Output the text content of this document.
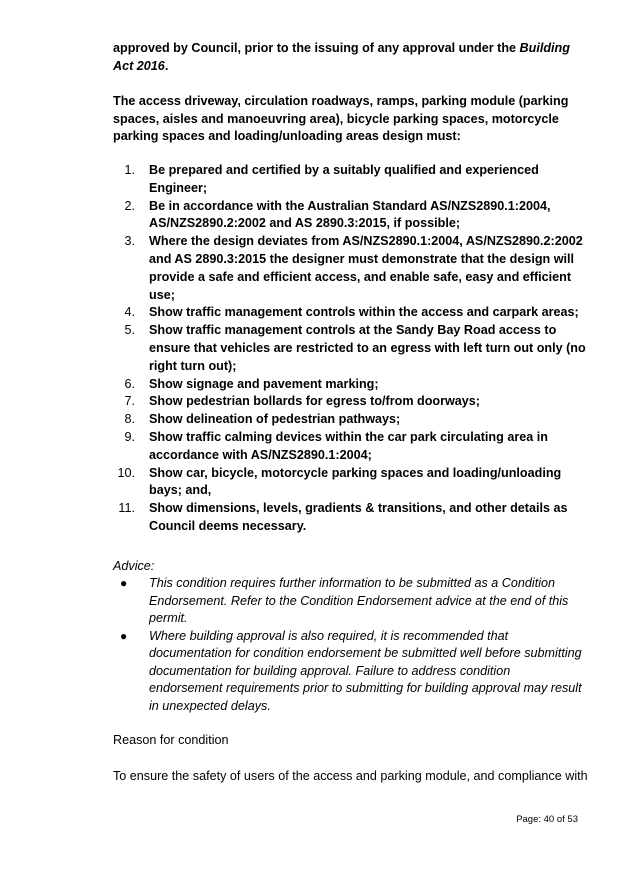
approved by Council, prior to the issuing of any approval under the Building
Act 2016.
The access driveway, circulation roadways, ramps, parking module (parking spaces, aisles and manoeuvring area), bicycle parking spaces, motorcycle parking spaces and loading/unloading areas design must:
1. Be prepared and certified by a suitably qualified and experienced Engineer;
2. Be in accordance with the Australian Standard AS/NZS2890.1:2004, AS/NZS2890.2:2002 and AS 2890.3:2015, if possible;
3. Where the design deviates from AS/NZS2890.1:2004, AS/NZS2890.2:2002 and AS 2890.3:2015 the designer must demonstrate that the design will provide a safe and efficient access, and enable safe, easy and efficient use;
4. Show traffic management controls within the access and carpark areas;
5. Show traffic management controls at the Sandy Bay Road access to ensure that vehicles are restricted to an egress with left turn out only (no right turn out);
6. Show signage and pavement marking;
7. Show pedestrian bollards for egress to/from doorways;
8. Show delineation of pedestrian pathways;
9. Show traffic calming devices within the car park circulating area in accordance with AS/NZS2890.1:2004;
10. Show car, bicycle, motorcycle parking spaces and loading/unloading bays; and,
11. Show dimensions, levels, gradients & transitions, and other details as Council deems necessary.
Advice:
● This condition requires further information to be submitted as a Condition Endorsement. Refer to the Condition Endorsement advice at the end of this permit.
● Where building approval is also required, it is recommended that documentation for condition endorsement be submitted well before submitting documentation for building approval. Failure to address condition endorsement requirements prior to submitting for building approval may result in unexpected delays.
Reason for condition
To ensure the safety of users of the access and parking module, and compliance with
Page: 40 of 53
